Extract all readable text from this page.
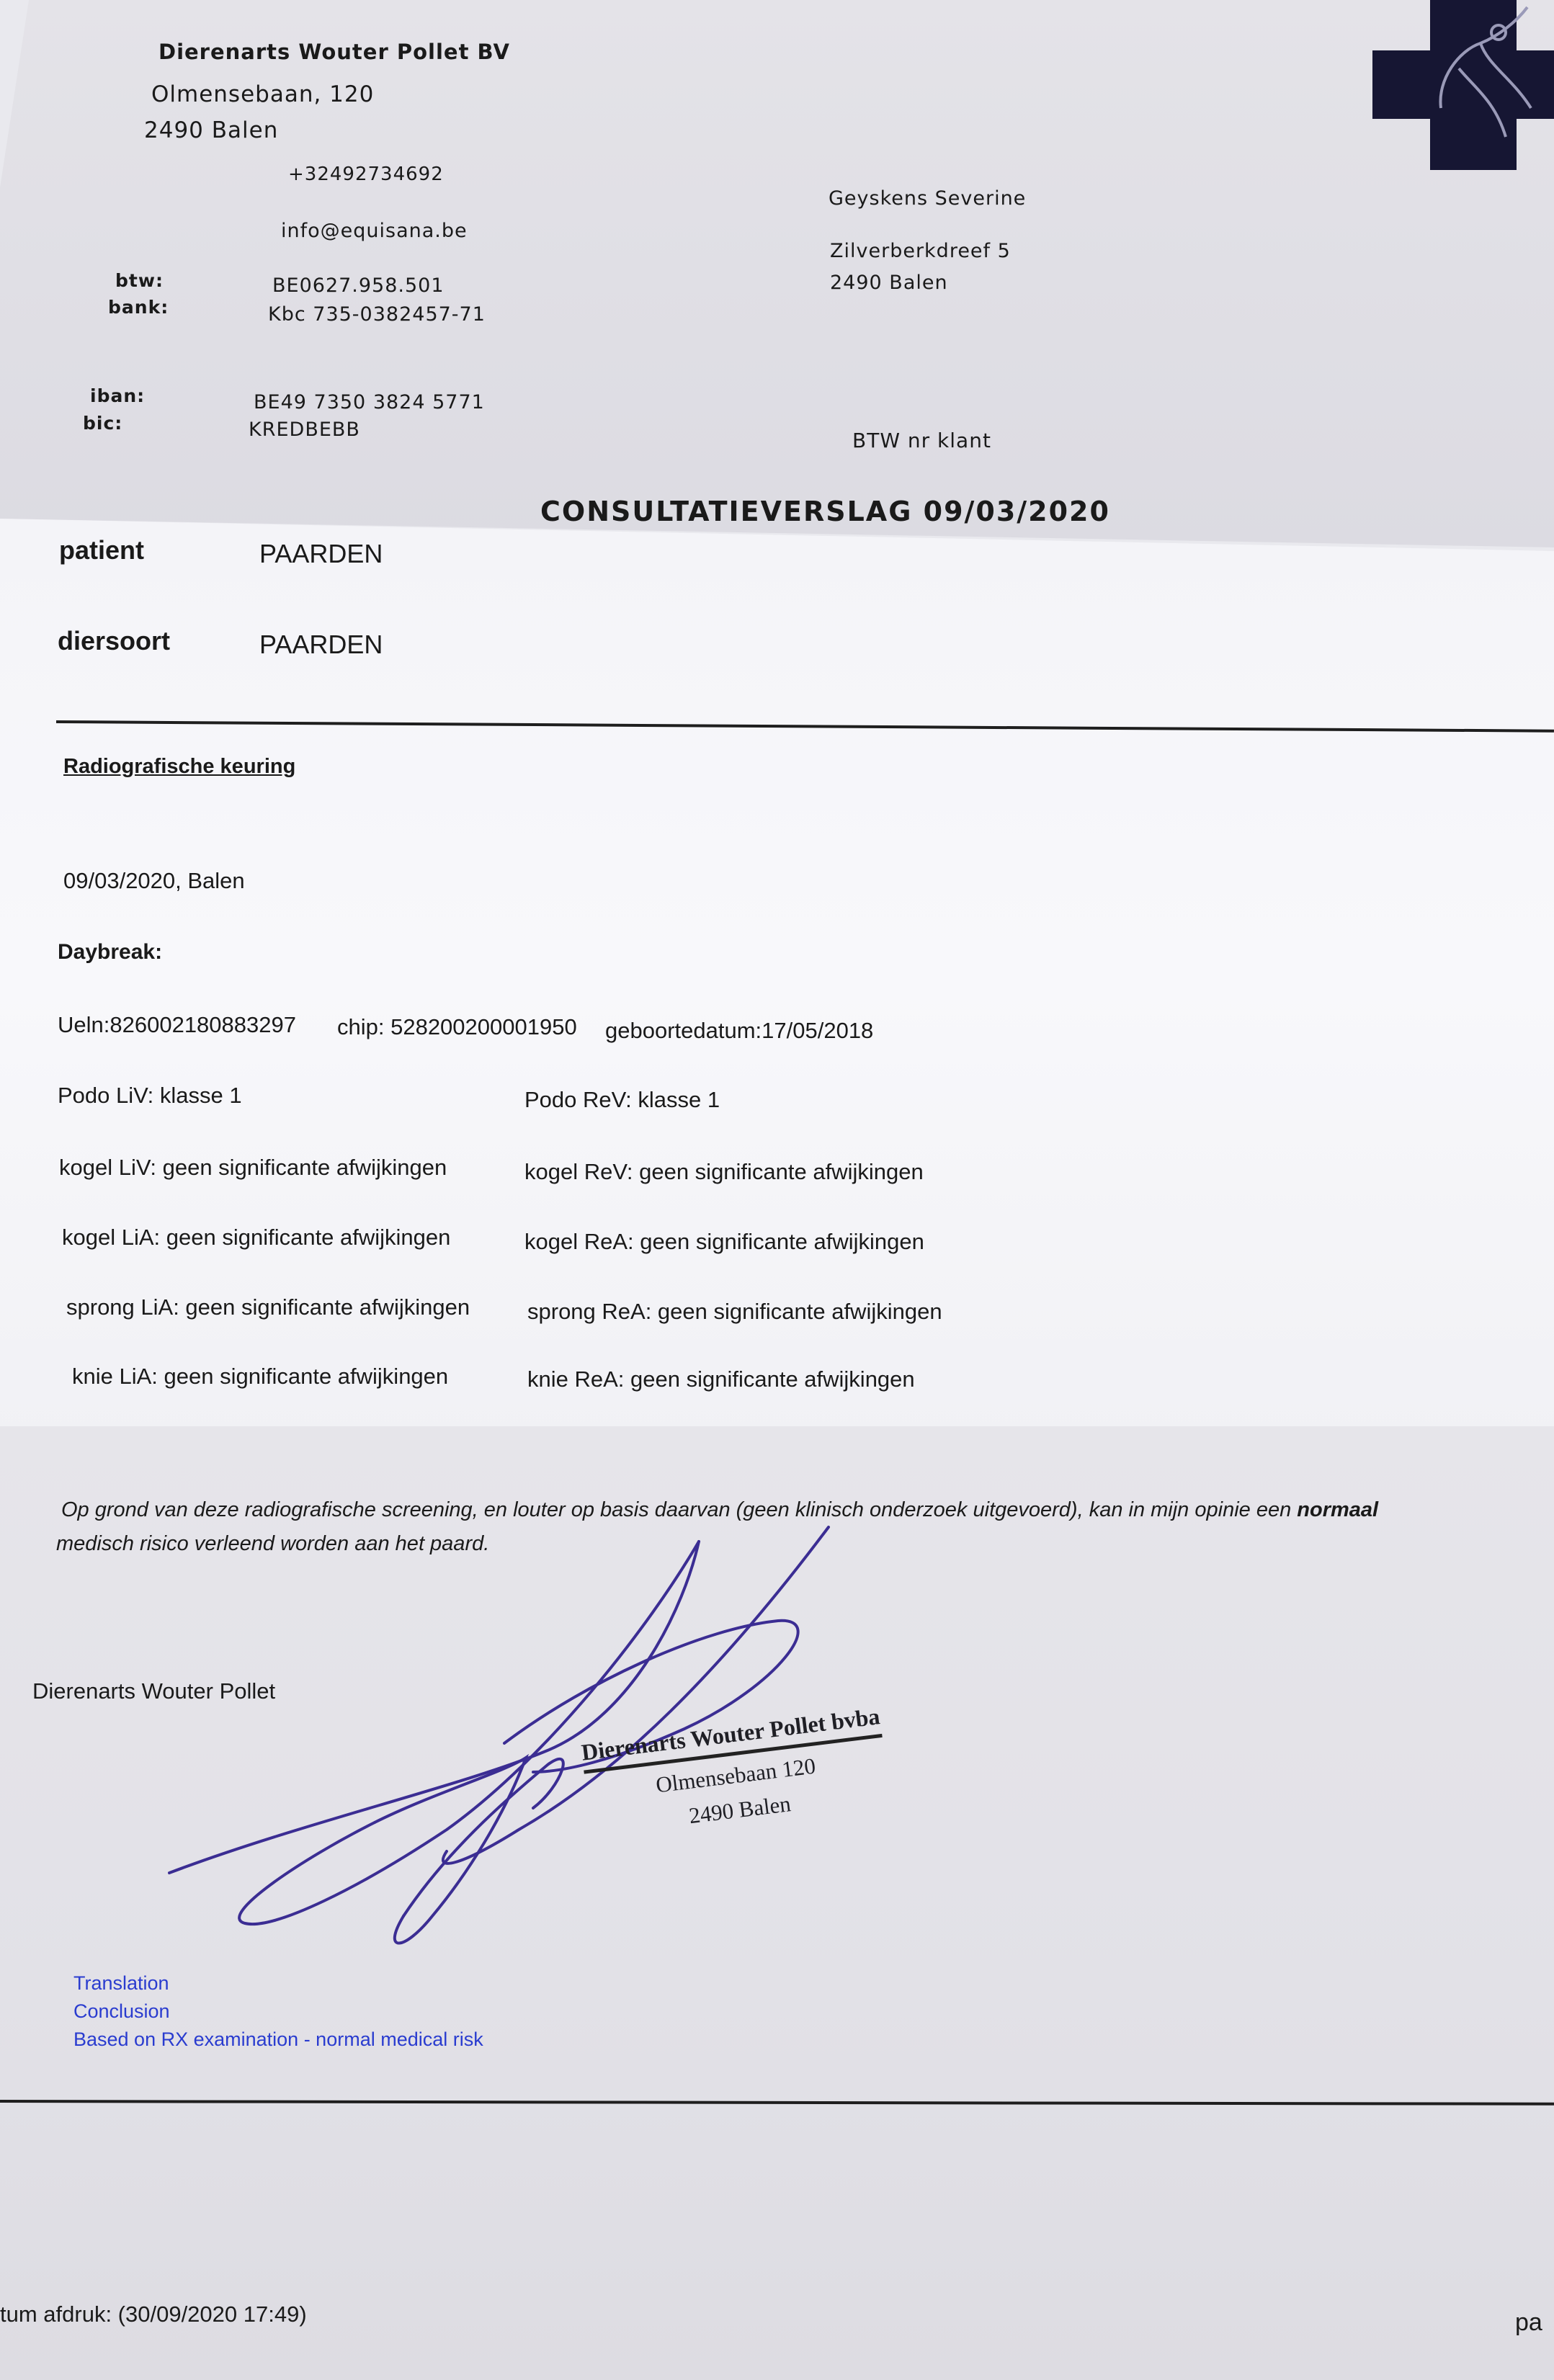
Dierenarts Wouter Pollet BV
Olmensebaan, 120
2490 Balen
+32492734692
info@equisana.be
btw:	BE0627.958.501
bank:	Kbc 735-0382457-71
iban:	BE49 7350 3824 5771
bic:	KREDBEBB
Geyskens Severine
Zilverberkdreef 5
2490 Balen
BTW nr klant
CONSULTATIEVERSLAG 09/03/2020
patient	PAARDEN
diersoort	PAARDEN
Radiografische keuring
09/03/2020, Balen
Daybreak:
Ueln:826002180883297 chip: 528200200001950 geboortedatum:17/05/2018
Podo LiV: klasse 1	Podo ReV: klasse 1
kogel LiV: geen significante afwijkingen	kogel ReV: geen significante afwijkingen
kogel LiA: geen significante afwijkingen	kogel ReA: geen significante afwijkingen
sprong LiA: geen significante afwijkingen	sprong ReA: geen significante afwijkingen
knie LiA: geen significante afwijkingen	knie ReA: geen significante afwijkingen
Op grond van deze radiografische screening, en louter op basis daarvan (geen klinisch onderzoek uitgevoerd), kan in mijn opinie een normaal
medisch risico verleend worden aan het paard.
Dierenarts Wouter Pollet
Dierenarts Wouter Pollet bvba
Olmensebaan 120
2490 Balen
Translation
Conclusion
Based on RX examination - normal medical risk
tum afdruk: (30/09/2020 17:49)	pa
